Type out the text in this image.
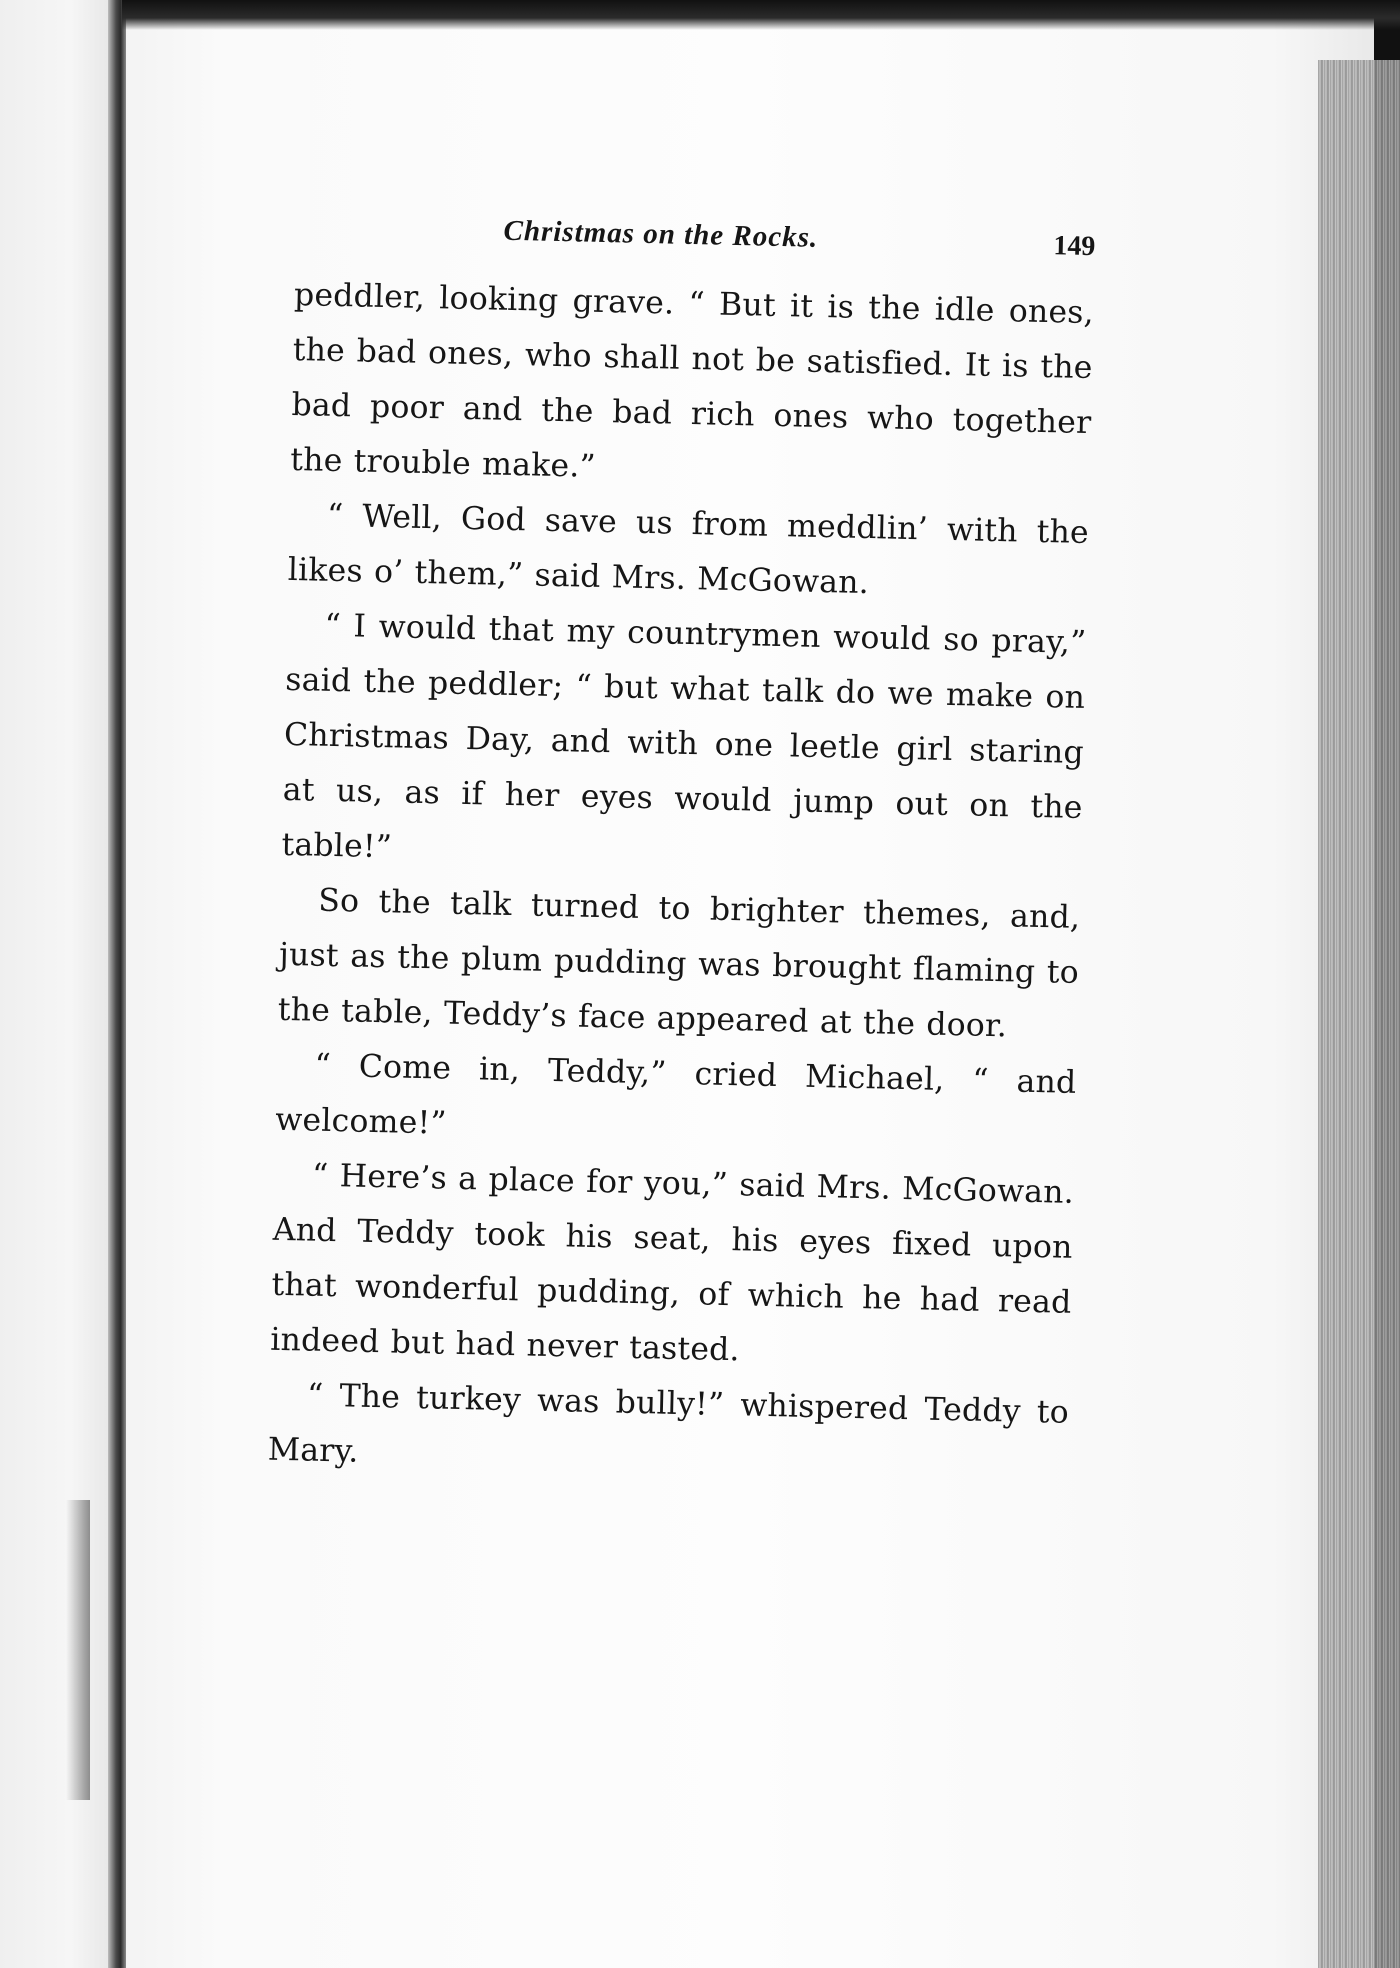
Christmas on the Rocks.	149

peddler, looking grave. “ But it is the idle ones, the bad ones, who shall not be satisfied. It is the bad poor and the bad rich ones who together the trouble make.”

“ Well, God save us from meddlin’ with the likes o’ them,” said Mrs. McGowan.

“ I would that my countrymen would so pray,” said the peddler; “ but what talk do we make on Christmas Day, and with one leetle girl staring at us, as if her eyes would jump out on the table!”

So the talk turned to brighter themes, and, just as the plum pudding was brought flaming to the table, Teddy’s face appeared at the door.

“ Come in, Teddy,” cried Michael, “ and welcome!”

“ Here’s a place for you,” said Mrs. McGowan. And Teddy took his seat, his eyes fixed upon that wonderful pudding, of which he had read indeed but had never tasted.

“ The turkey was bully!” whispered Teddy to Mary.
